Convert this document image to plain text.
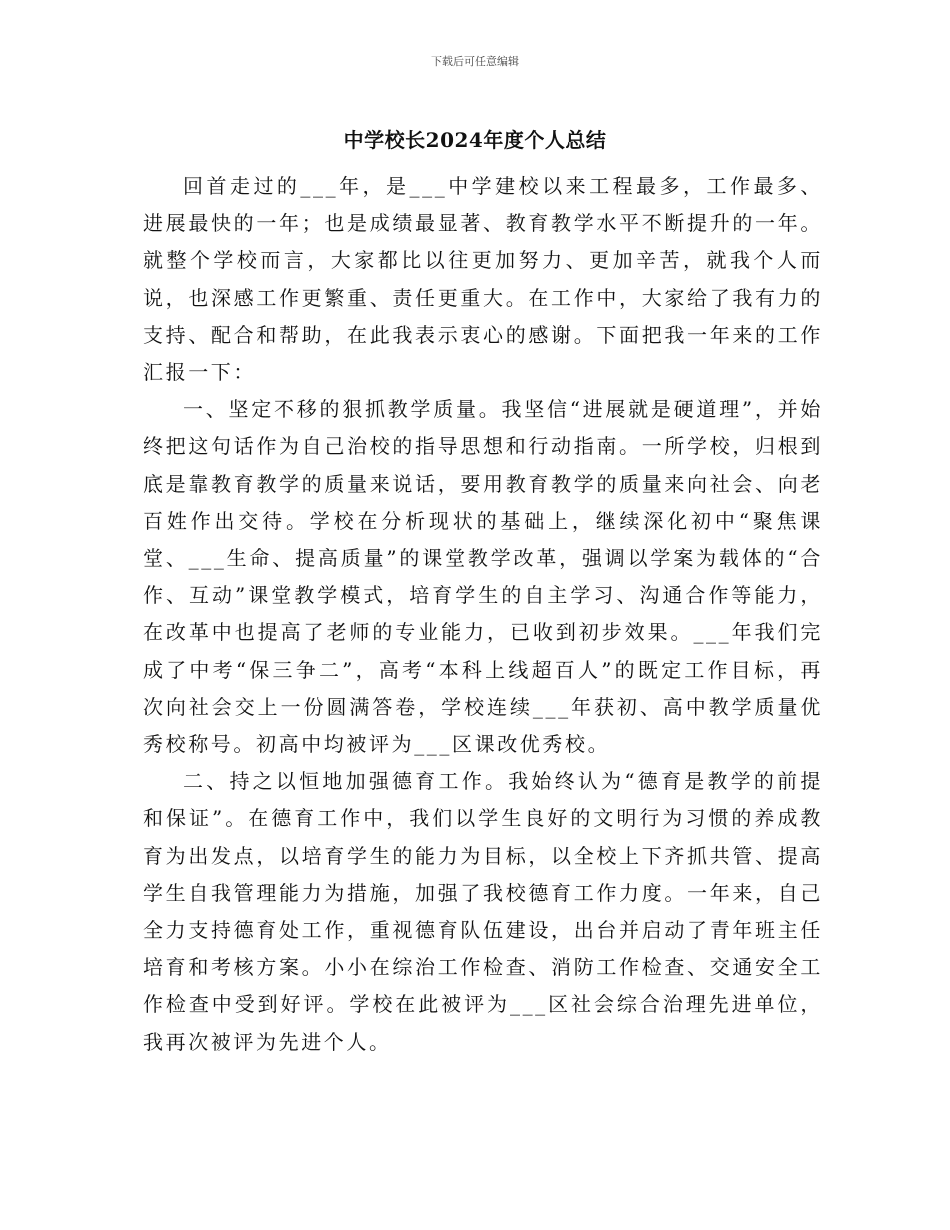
下载后可任意编辑
中学校长2024年度个人总结

回首走过的___年，是___中学建校以来工程最多，工作最多、进展最快的一年；也是成绩最显著、教育教学水平不断提升的一年。就整个学校而言，大家都比以往更加努力、更加辛苦，就我个人而说，也深感工作更繁重、责任更重大。在工作中，大家给了我有力的支持、配合和帮助，在此我表示衷心的感谢。下面把我一年来的工作汇报一下：

一、坚定不移的狠抓教学质量。我坚信“进展就是硬道理”，并始终把这句话作为自己治校的指导思想和行动指南。一所学校，归根到底是靠教育教学的质量来说话，要用教育教学的质量来向社会、向老百姓作出交待。学校在分析现状的基础上，继续深化初中“聚焦课堂、___生命、提高质量”的课堂教学改革，强调以学案为载体的“合作、互动”课堂教学模式，培育学生的自主学习、沟通合作等能力，在改革中也提高了老师的专业能力，已收到初步效果。___年我们完成了中考“保三争二”，高考“本科上线超百人”的既定工作目标，再次向社会交上一份圆满答卷，学校连续___年获初、高中教学质量优秀校称号。初高中均被评为___区课改优秀校。

二、持之以恒地加强德育工作。我始终认为“德育是教学的前提和保证”。在德育工作中，我们以学生良好的文明行为习惯的养成教育为出发点，以培育学生的能力为目标，以全校上下齐抓共管、提高学生自我管理能力为措施，加强了我校德育工作力度。一年来，自己全力支持德育处工作，重视德育队伍建设，出台并启动了青年班主任培育和考核方案。小小在综治工作检查、消防工作检查、交通安全工作检查中受到好评。学校在此被评为___区社会综合治理先进单位，我再次被评为先进个人。
